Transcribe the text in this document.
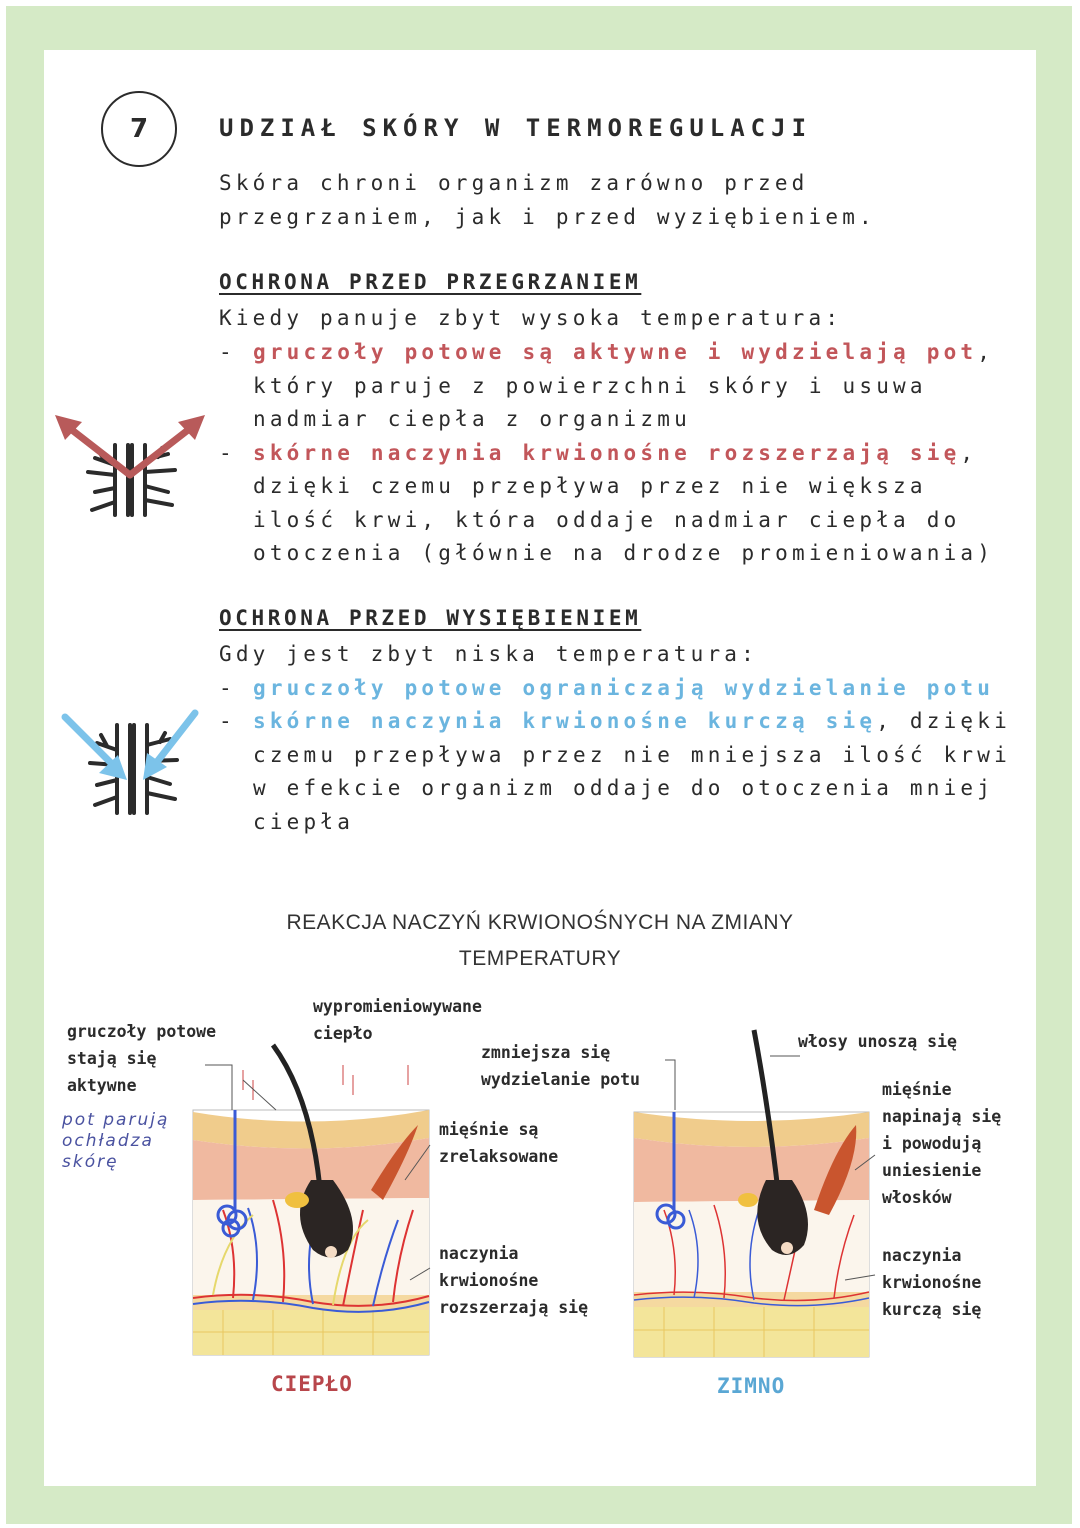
7	UDZIAŁ SKÓRY W TERMOREGULACJI
Skóra chroni organizm zarówno przed
przegrzaniem, jak i przed wyziębieniem.
OCHRONA PRZED PRZEGRZANIEM
Kiedy panuje zbyt wysoka temperatura:
- gruczoły potowe są aktywne i wydzielają pot,
który paruje z powierzchni skóry i usuwa
nadmiar ciepła z organizmu
- skórne naczynia krwionośne rozszerzają się,
dzięki czemu przepływa przez nie większa
ilość krwi, która oddaje nadmiar ciepła do
otoczenia (głównie na drodze promieniowania)
OCHRONA PRZED WYSIĘBIENIEM
Gdy jest zbyt niska temperatura:
- gruczoły potowe ograniczają wydzielanie potu
- skórne naczynia krwionośne kurczą się, dzięki
czemu przepływa przez nie mniejsza ilość krwi
w efekcie organizm oddaje do otoczenia mniej
ciepła
REAKCJA NACZYŃ KRWIONOŚNYCH NA ZMIANY
TEMPERATURY
gruczoły potowe
stają się
aktywne
wypromieniowywane
ciepło
mięśnie są
zrelaksowane
naczynia
krwionośne
rozszerzają się
pot parują
ochładza
skórę
zmniejsza się
wydzielanie potu
włosy unoszą się
mięśnie
napinają się
i powodują
uniesienie
włosków
naczynia
krwionośne
kurczą się
CIEPŁO	ZIMNO
